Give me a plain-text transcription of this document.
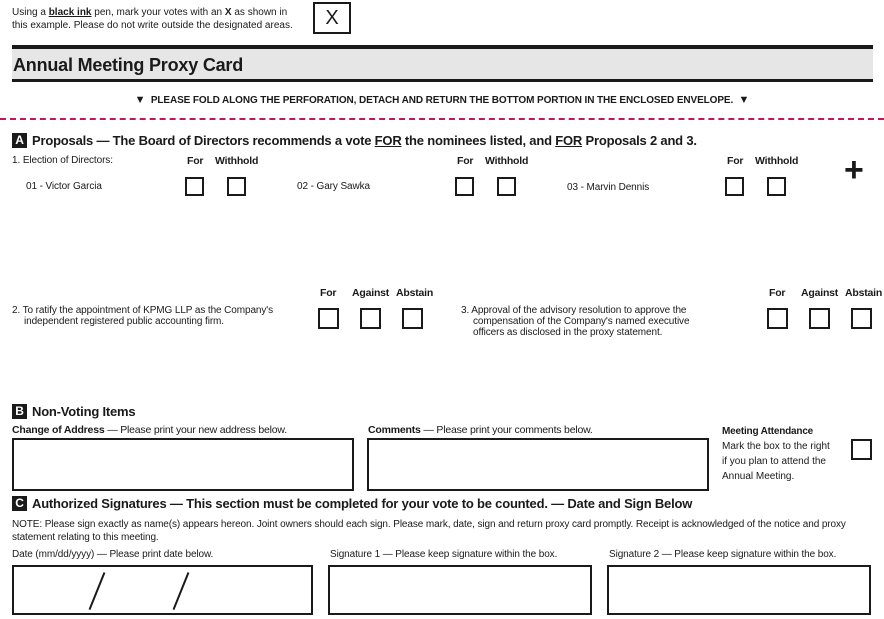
Using a black ink pen, mark your votes with an X as shown in
this example. Please do not write outside the designated areas.	X
Annual Meeting Proxy Card
▼ PLEASE FOLD ALONG THE PERFORATION, DETACH AND RETURN THE BOTTOM PORTION IN THE ENCLOSED ENVELOPE. ▼
A Proposals — The Board of Directors recommends a vote FOR the nominees listed, and FOR Proposals 2 and 3.
1. Election of Directors:	For Withhold	For Withhold	For Withhold
01 - Victor Garcia	02 - Gary Sawka	03 - Marvin Dennis	+
For Against Abstain
2. To ratify the appointment of KPMG LLP as the Company's
independent registered public accounting firm.
For Against Abstain
3. Approval of the advisory resolution to approve the
compensation of the Company's named executive
officers as disclosed in the proxy statement.
B Non-Voting Items
Change of Address — Please print your new address below.	Comments — Please print your comments below.	Meeting Attendance
Mark the box to the right
if you plan to attend the
Annual Meeting.
C Authorized Signatures — This section must be completed for your vote to be counted. — Date and Sign Below
NOTE: Please sign exactly as name(s) appears hereon. Joint owners should each sign. Please mark, date, sign and return proxy card promptly. Receipt is acknowledged of the notice and proxy
statement relating to this meeting.
Date (mm/dd/yyyy) — Please print date below.	Signature 1 — Please keep signature within the box.	Signature 2 — Please keep signature within the box.
